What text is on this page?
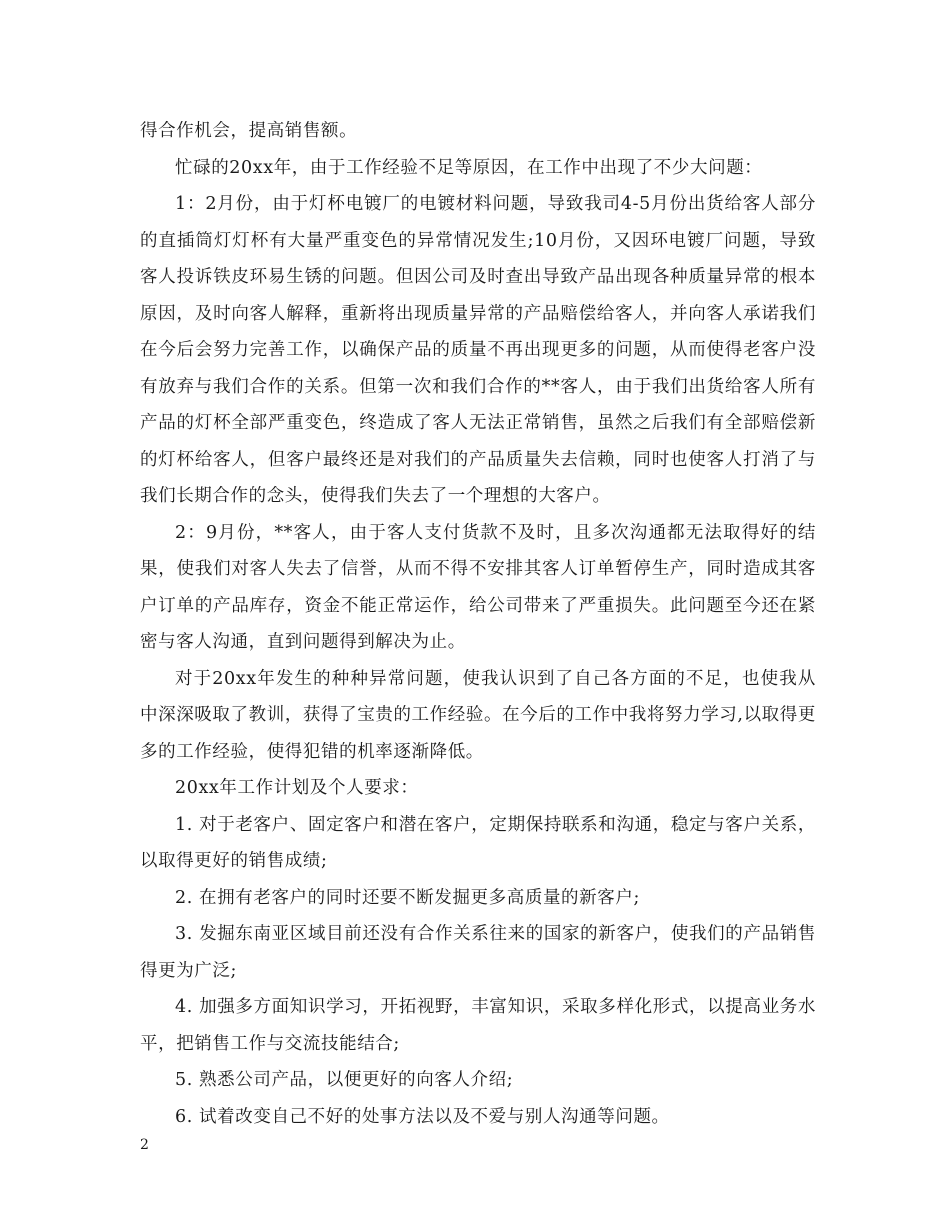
得合作机会，提高销售额。

忙碌的20xx年，由于工作经验不足等原因，在工作中出现了不少大问题：

1：2月份，由于灯杯电镀厂的电镀材料问题，导致我司4-5月份出货给客人部分的直插筒灯灯杯有大量严重变色的异常情况发生;10月份，又因环电镀厂问题，导致客人投诉铁皮环易生锈的问题。但因公司及时查出导致产品出现各种质量异常的根本原因，及时向客人解释，重新将出现质量异常的产品赔偿给客人，并向客人承诺我们在今后会努力完善工作，以确保产品的质量不再出现更多的问题，从而使得老客户没有放弃与我们合作的关系。但第一次和我们合作的**客人，由于我们出货给客人所有产品的灯杯全部严重变色，终造成了客人无法正常销售，虽然之后我们有全部赔偿新的灯杯给客人，但客户最终还是对我们的产品质量失去信赖，同时也使客人打消了与我们长期合作的念头，使得我们失去了一个理想的大客户。

2：9月份，**客人，由于客人支付货款不及时，且多次沟通都无法取得好的结果，使我们对客人失去了信誉，从而不得不安排其客人订单暂停生产，同时造成其客户订单的产品库存，资金不能正常运作，给公司带来了严重损失。此问题至今还在紧密与客人沟通，直到问题得到解决为止。

对于20xx年发生的种种异常问题，使我认识到了自己各方面的不足，也使我从中深深吸取了教训，获得了宝贵的工作经验。在今后的工作中我将努力学习,以取得更多的工作经验，使得犯错的机率逐渐降低。

20xx年工作计划及个人要求：

1. 对于老客户、固定客户和潜在客户，定期保持联系和沟通，稳定与客户关系，以取得更好的销售成绩;

2. 在拥有老客户的同时还要不断发掘更多高质量的新客户;

3. 发掘东南亚区域目前还没有合作关系往来的国家的新客户，使我们的产品销售得更为广泛;

4. 加强多方面知识学习，开拓视野，丰富知识，采取多样化形式，以提高业务水平，把销售工作与交流技能结合;

5. 熟悉公司产品，以便更好的向客人介绍;

6. 试着改变自己不好的处事方法以及不爱与别人沟通等问题。

2
